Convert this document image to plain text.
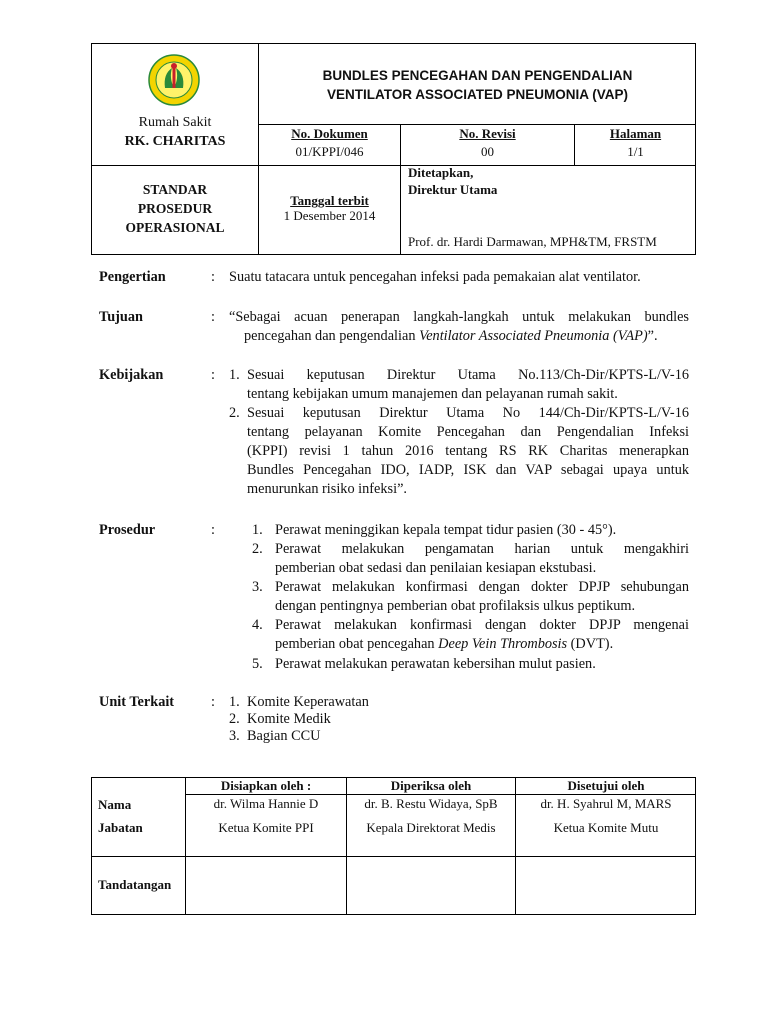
Rumah Sakit
RK. CHARITAS
BUNDLES PENCEGAHAN DAN PENGENDALIAN
VENTILATOR ASSOCIATED PNEUMONIA (VAP)
No. Dokumen
01/KPPI/046
No. Revisi
00
Halaman
1/1
STANDAR
PROSEDUR
OPERASIONAL
Tanggal terbit
1 Desember 2014
Ditetapkan,
Direktur Utama
Prof. dr. Hardi Darmawan, MPH&TM, FRSTM
Pengertian	: Suatu tatacara untuk pencegahan infeksi pada pemakaian alat ventilator.
Tujuan	: “Sebagai acuan penerapan langkah-langkah untuk melakukan bundles
pencegahan dan pengendalian Ventilator Associated Pneumonia (VAP)”.
Kebijakan	: 1. Sesuai keputusan Direktur Utama No.113/Ch-Dir/KPTS-L/V-16
tentang kebijakan umum manajemen dan pelayanan rumah sakit.
2. Sesuai keputusan Direktur Utama No 144/Ch-Dir/KPTS-L/V-16
tentang pelayanan Komite Pencegahan dan Pengendalian Infeksi
(KPPI) revisi 1 tahun 2016 tentang RS RK Charitas menerapkan
Bundles Pencegahan IDO, IADP, ISK dan VAP sebagai upaya untuk
menurunkan risiko infeksi”.
Prosedur	:	1. Perawat meninggikan kepala tempat tidur pasien (30 - 45°).
2. Perawat melakukan pengamatan harian untuk mengakhiri
pemberian obat sedasi dan penilaian kesiapan ekstubasi.
3. Perawat melakukan konfirmasi dengan dokter DPJP sehubungan
dengan pentingnya pemberian obat profilaksis ulkus peptikum.
4. Perawat melakukan konfirmasi dengan dokter DPJP mengenai
pemberian obat pencegahan Deep Vein Thrombosis (DVT).
5. Perawat melakukan perawatan kebersihan mulut pasien.
Unit Terkait	: 1. Komite Keperawatan
2. Komite Medik
3. Bagian CCU
Disiapkan oleh :	Diperiksa oleh	Disetujui oleh
Nama	dr. Wilma Hannie D	dr. B. Restu Widaya, SpB	dr. H. Syahrul M, MARS
Jabatan	Ketua Komite PPI	Kepala Direktorat Medis	Ketua Komite Mutu
Tandatangan
